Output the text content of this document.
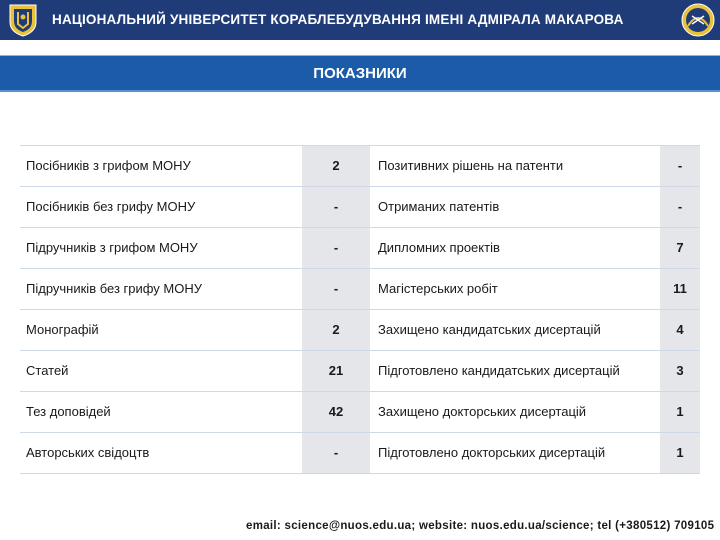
НАЦІОНАЛЬНИЙ УНІВЕРСИТЕТ КОРАБЛЕБУДУВАННЯ ІМЕНІ АДМІРАЛА МАКАРОВА
ПОКАЗНИКИ
Посібників з грифом МОНУ	2	Позитивних рішень на патенти	-
Посібників без грифу МОНУ	-	Отриманих патентів	-
Підручників з грифом МОНУ	-	Дипломних проектів	7
Підручників без грифу МОНУ	-	Магістерських робіт	11
Монографій	2	Захищено кандидатських дисертацій	4
Статей	21	Підготовлено кандидатських дисертацій	3
Тез доповідей	42	Захищено докторських дисертацій	1
Авторських свідоцтв	-	Підготовлено докторських дисертацій	1
email: science@nuos.edu.ua; website: nuos.edu.ua/science; tel (+380512) 709105
